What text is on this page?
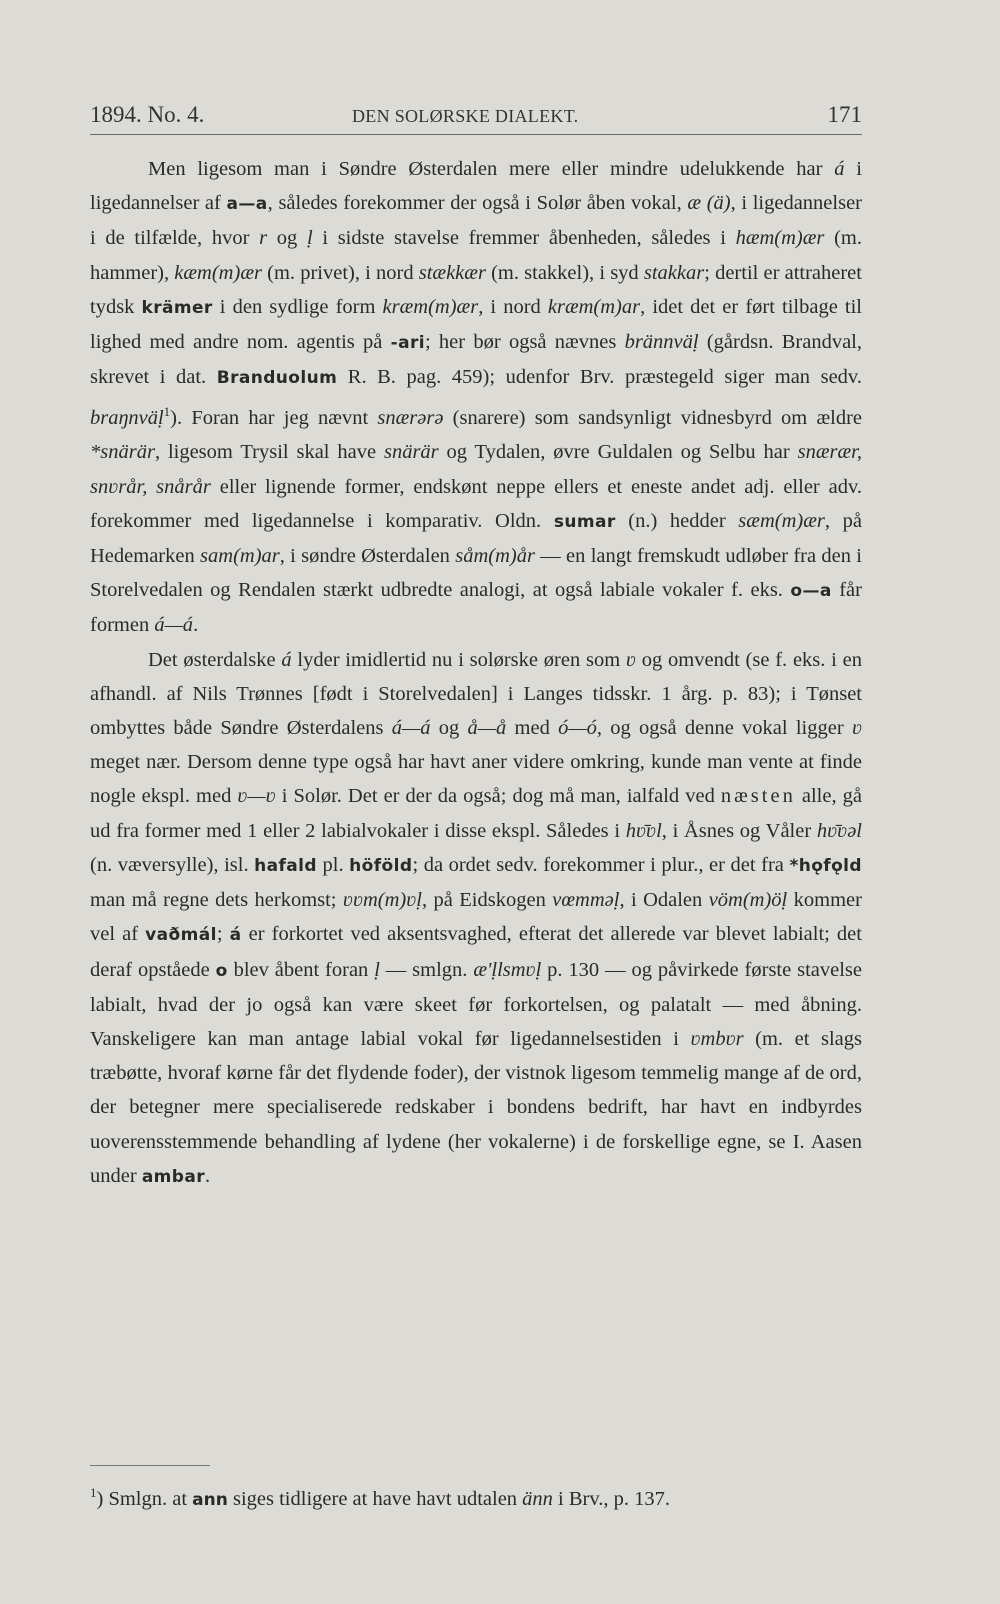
1894. No. 4.	DEN SOLØRSKE DIALEKT.	171

Men ligesom man i Søndre Østerdalen mere eller mindre udelukkende har á i ligedannelser af a—a, således forekommer der også i Solør åben vokal, æ (ä), i ligedannelser i de tilfælde, hvor r og ḷ i sidste stavelse fremmer åbenheden, således i hæm(m)ær (m. hammer), kæm(m)ær (m. privet), i nord stækkær (m. stakkel), i syd stakkar; dertil er attraheret tydsk krämer i den sydlige form kræm(m)ær, i nord kræm(m)ar, idet det er ført tilbage til lighed med andre nom. agentis på -ari; her bør også nævnes brännväḷ (gårdsn. Brandval, skrevet i dat. Branduolum R. B. pag. 459); udenfor Brv. præstegeld siger man sedv. braŋnväḷ$^1$). Foran har jeg nævnt snærərə (snarere) som sandsynligt vidnesbyrd om ældre *snärär, ligesom Trysil skal have snärär og Tydalen, øvre Guldalen og Selbu har snærær, snʋrår, snårår eller lignende former, endskønt neppe ellers et eneste andet adj. eller adv. forekommer med ligedannelse i komparativ. Oldn. sumar (n.) hedder sæm(m)ær, på Hedemarken sam(m)ar, i søndre Østerdalen såm(m)år — en langt fremskudt udløber fra den i Storelvedalen og Rendalen stærkt udbredte analogi, at også labiale vokaler f. eks. o—a får formen á—á.

Det østerdalske á lyder imidlertid nu i solørske øren som ʋ og omvendt (se f. eks. i en afhandl. af Nils Trønnes [født i Storelvedalen] i Langes tidsskr. 1 årg. p. 83); i Tønset ombyttes både Søndre Østerdalens á—á og å—å med ó—ó, og også denne vokal ligger ʋ meget nær. Dersom denne type også har havt aner videre omkring, kunde man vente at finde nogle ekspl. med ʋ—ʋ i Solør. Det er der da også; dog må man, ialfald ved næsten alle, gå ud fra former med 1 eller 2 labialvokaler i disse ekspl. Således i hʋ̄ʋl, i Åsnes og Våler hʋ̄ʋəl (n. væversylle), isl. hafald pl. höföld; da ordet sedv. forekommer i plur., er det fra *hǫfǫld man må regne dets herkomst; ʋʋm(m)ʋḷ, på Eidskogen vœmməḷ, i Odalen vöm(m)öḷ kommer vel af vaðmál; á er forkortet ved aksentsvaghed, efterat det allerede var blevet labialt; det deraf opståede o blev åbent foran ḷ — smlgn. æ'ḷlsmʋḷ p. 130 — og påvirkede første stavelse labialt, hvad der jo også kan være skeet før forkortelsen, og palatalt — med åbning. Vanskeligere kan man antage labial vokal før ligedannelsestiden i ʋmbʋr (m. et slags træbøtte, hvoraf kørne får det flydende foder), der vistnok ligesom temmelig mange af de ord, der betegner mere specialiserede redskaber i bondens bedrift, har havt en indbyrdes uoverensstemmende behandling af lydene (her vokalerne) i de forskellige egne, se I. Aasen under ambar.

$^1$) Smlgn. at ann siges tidligere at have havt udtalen änn i Brv., p. 137.
